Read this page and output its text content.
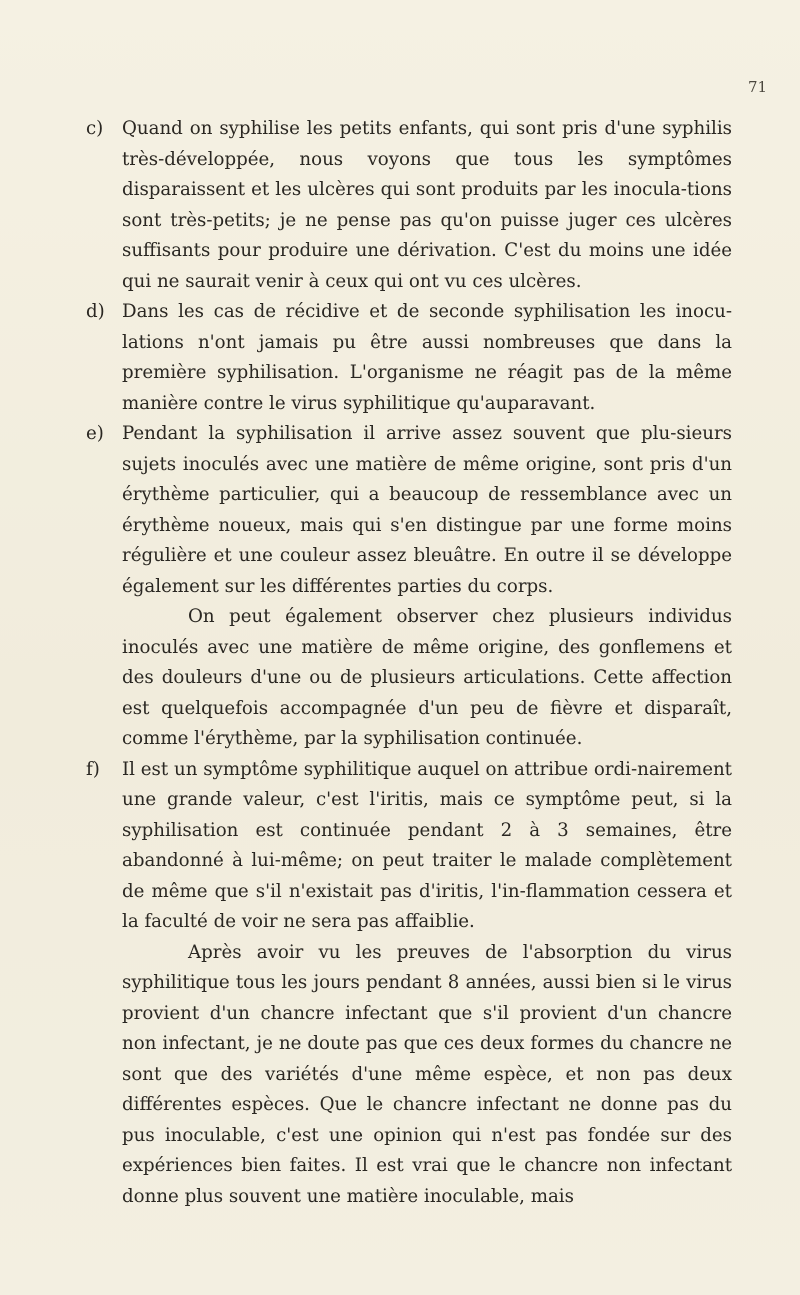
71
c)	Quand on syphilise les petits enfants, qui sont pris d'une syphilis très-développée, nous voyons que tous les symptômes disparaissent et les ulcères qui sont produits par les inocula-tions sont très-petits; je ne pense pas qu'on puisse juger ces ulcères suffisants pour produire une dérivation. C'est du moins une idée qui ne saurait venir à ceux qui ont vu ces ulcères.

d) Dans les cas de récidive et de seconde syphilisation les inocu-lations n'ont jamais pu être aussi nombreuses que dans la première syphilisation. L'organisme ne réagit pas de la même manière contre le virus syphilitique qu'auparavant.

e) Pendant la syphilisation il arrive assez souvent que plu-sieurs sujets inoculés avec une matière de même origine, sont pris d'un érythème particulier, qui a beaucoup de ressemblance avec un érythème noueux, mais qui s'en distingue par une forme moins régulière et une couleur assez bleuâtre. En outre il se développe également sur les différentes parties du corps.

On peut également observer chez plusieurs individus inoculés avec une matière de même origine, des gonflemens et des douleurs d'une ou de plusieurs articulations. Cette affection est quelquefois accompagnée d'un peu de fièvre et disparaît, comme l'érythème, par la syphilisation continuée.

f)	Il est un symptôme syphilitique auquel on attribue ordi-nairement une grande valeur, c'est l'iritis, mais ce symptôme peut, si la syphilisation est continuée pendant 2 à 3 semaines, être abandonné à lui-même; on peut traiter le malade complètement de même que s'il n'existait pas d'iritis, l'in-flammation cessera et la faculté de voir ne sera pas affaiblie.

Après avoir vu les preuves de l'absorption du virus syphilitique tous les jours pendant 8 années, aussi bien si le virus provient d'un chancre infectant que s'il provient d'un chancre non infectant, je ne doute pas que ces deux formes du chancre ne sont que des variétés d'une même espèce, et non pas deux différentes espèces. Que le chancre infectant ne donne pas du pus inoculable, c'est une opinion qui n'est pas fondée sur des expériences bien faites. Il est vrai que le chancre non infectant donne plus souvent une matière inoculable, mais
